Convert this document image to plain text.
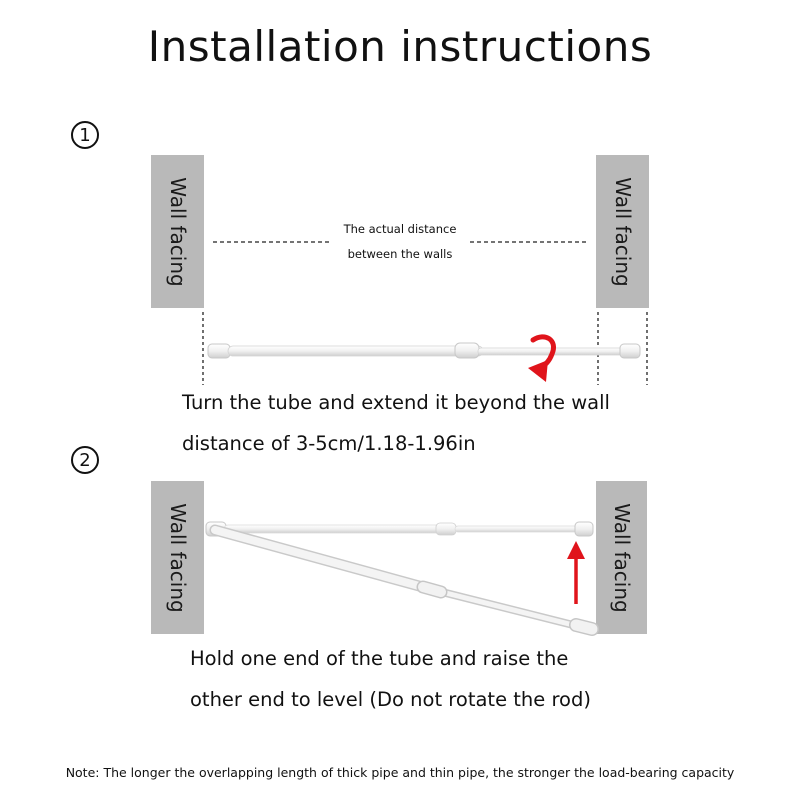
Installation instructions
1
Wall facing	Wall facing
The actual distance
between the walls
Turn the tube and extend it beyond the wall
distance of 3-5cm/1.18-1.96in
2
Wall facing	Wall facing
Hold one end of the tube and raise the
other end to level (Do not rotate the rod)
Note: The longer the overlapping length of thick pipe and thin pipe, the stronger the load-bearing capacity
